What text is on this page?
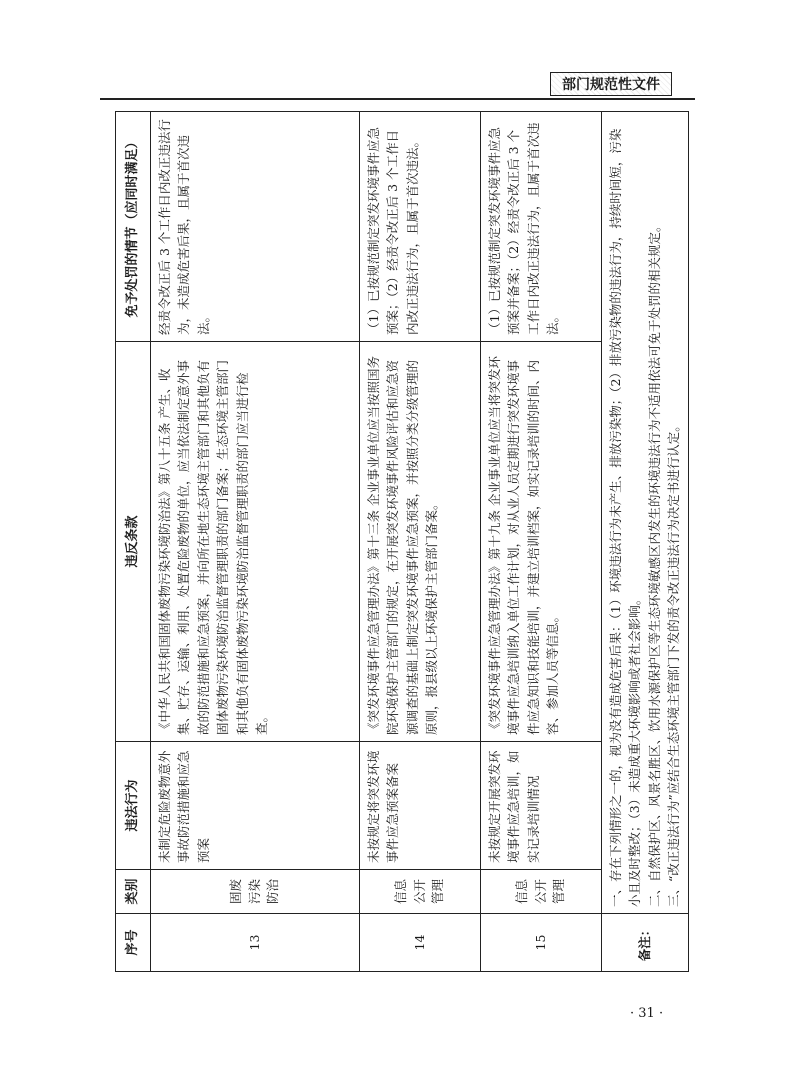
部门规范性文件
序号	类别	违法行为	违反条款	免予处罚的情节（应同时满足）
13	固废 污染 防治	未制定危险废物意外事故防范措施和应急预案	《中华人民共和国固体废物污染环境防治法》第八十五条 产生、收集、贮存、运输、利用、处置危险废物的单位，应当依法制定意外事故的防范措施和应急预案，并向所在地生态环境主管部门和其他负有固体废物污染环境防治监督管理职责的部门备案；生态环境主管部门和其他负有固体废物污染环境防治监督管理职责的部门应当进行检查。	经责令改正后 3 个工作日内改正违法行为，未造成危害后果，且属于首次违法。
14	信息 公开 管理	未按规定将突发环境事件应急预案备案	《突发环境事件应急管理办法》第十三条 企业事业单位应当按照国务院环境保护主管部门的规定，在开展突发环境事件风险评估和应急资源调查的基础上制定突发环境事件应急预案，并按照分类分级管理的原则，报县级以上环境保护主管部门备案。	（1）已按规范制定突发环境事件应急预案；（2）经责令改正后 3 个工作日内改正违法行为，且属于首次违法。
15	信息 公开 管理	未按规定开展突发环境事件应急培训，如实记录培训情况	《突发环境事件应急管理办法》第十九条 企业事业单位应当将突发环境事件应急培训纳入单位工作计划，对从业人员定期进行突发环境事件应急知识和技能培训，并建立培训档案，如实记录培训的时间、内容、参加人员等信息。	（1）已按规范制定突发环境事件应急预案并备案；（2）经责令改正后 3 个工作日内改正违法行为，且属于首次违法。
备注：	一、存在下列情形之一的，视为没有造成危害后果：（1）环境违法行为未产生、排放污染物；（2）排放污染物的违法行为，持续时间短，污染小且及时整改；（3）未造成重大环境影响或者社会影响。 二、自然保护区、风景名胜区、饮用水源保护区等生态环境敏感区内发生的环境违法行为不适用依法可免于处罚的相关规定。 三、“改正违法行为”应结合生态环境主管部门下发的责令改正违法行为决定书进行认定。			
· 31 ·
